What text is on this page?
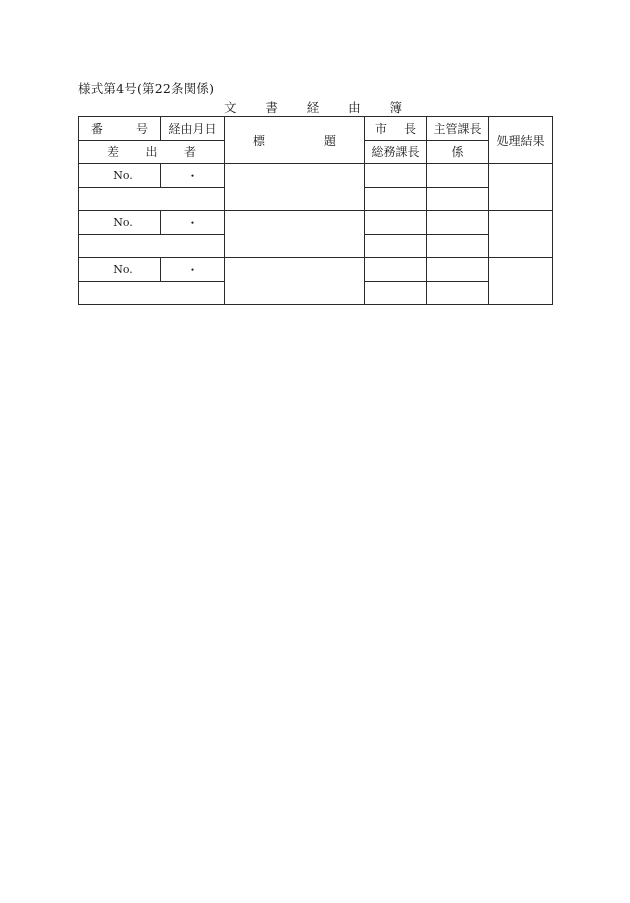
様式第4号(第22条関係)
文 書 経 由 簿
番 号	経由月日	標 題	市 長	主管課長	処理結果

差 出 者			総務課長	係	
No.	・				

No.	・				

No.	・				
